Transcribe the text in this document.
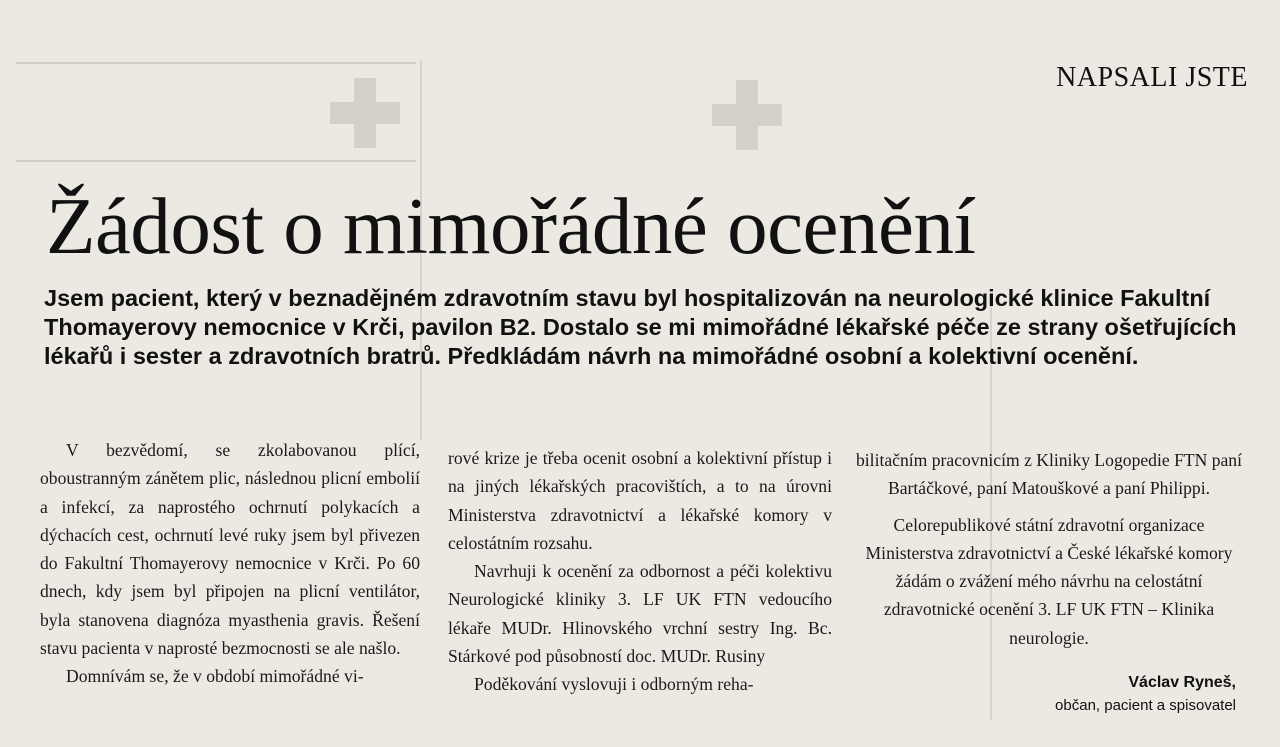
NAPSALI JSTE
Žádost o mimořádné ocenění
Jsem pacient, který v beznadějném zdravotním stavu byl hospitalizován na neurologické klinice Fakultní Thomayerovy nemocnice v Krči, pavilon B2. Dostalo se mi mimořádné lékařské péče ze strany ošetřujících lékařů i sester a zdravotních bratrů. Předkládám návrh na mimořádné osobní a kolektivní ocenění.

V bezvědomí, se zkolabovanou plící, oboustranným zánětem plic, následnou plicní embolií a infekcí, za naprostého ochrnutí polykacích a dýchacích cest, ochrnutí levé ruky jsem byl přivezen do Fakultní Thomayerovy nemocnice v Krči. Po 60 dnech, kdy jsem byl připojen na plicní ventilátor, byla stanovena diagnóza myasthenia gravis. Řešení stavu pacienta v naprosté bezmocnosti se ale našlo.

Domnívám se, že v období mimořádné vi-

rové krize je třeba ocenit osobní a kolektivní přístup i na jiných lékařských pracovištích, a to na úrovni Ministerstva zdravotnictví a lékařské komory v celostátním rozsahu.

Navrhuji k ocenění za odbornost a péči kolektivu Neurologické kliniky 3. LF UK FTN vedoucího lékaře MUDr. Hlinovského vrchní sestry Ing. Bc. Stárkové pod působností doc. MUDr. Rusiny

Poděkování vyslovuji i odborným reha-

bilitačním pracovnicím z Kliniky Logopedie FTN paní Bartáčkové, paní Matouškové a paní Philippi.

Celorepublikové státní zdravotní organizace Ministerstva zdravotnictví a České lékařské komory žádám o zvážení mého návrhu na celostátní zdravotnické ocenění 3. LF UK FTN – Klinika neurologie.

Václav Ryneš,
občan, pacient a spisovatel
